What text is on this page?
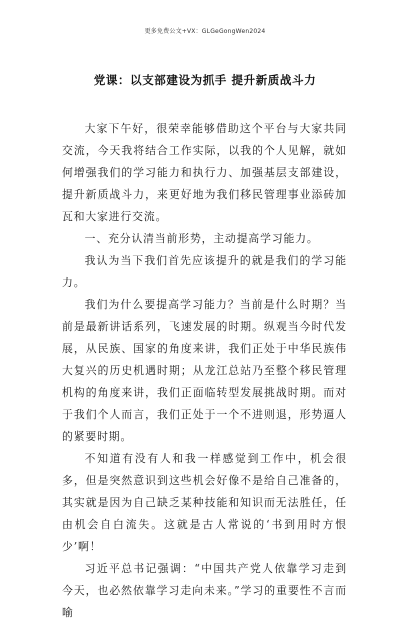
更多免费公文+VX：GLGeGongWen2024
党课：以支部建设为抓手 提升新质战斗力

大家下午好，很荣幸能够借助这个平台与大家共同交流，今天我将结合工作实际，以我的个人见解，就如何增强我们的学习能力和执行力、加强基层支部建设，提升新质战斗力，来更好地为我们移民管理事业添砖加瓦和大家进行交流。

一、充分认清当前形势，主动提高学习能力。

我认为当下我们首先应该提升的就是我们的学习能力。

我们为什么要提高学习能力？当前是什么时期？当前是最新讲话系列，飞速发展的时期。纵观当今时代发展，从民族、国家的角度来讲，我们正处于中华民族伟大复兴的历史机遇时期；从龙江总站乃至整个移民管理机构的角度来讲，我们正面临转型发展挑战时期。而对于我们个人而言，我们正处于一个不进则退，形势逼人的紧要时期。

不知道有没有人和我一样感觉到工作中，机会很多，但是突然意识到这些机会好像不是给自己准备的，其实就是因为自己缺乏某种技能和知识而无法胜任，任由机会自白流失。这就是古人常说的‘书到用时方恨少’啊！

习近平总书记强调：“中国共产党人依靠学习走到今天，也必然依靠学习走向未来。”学习的重要性不言而喻
